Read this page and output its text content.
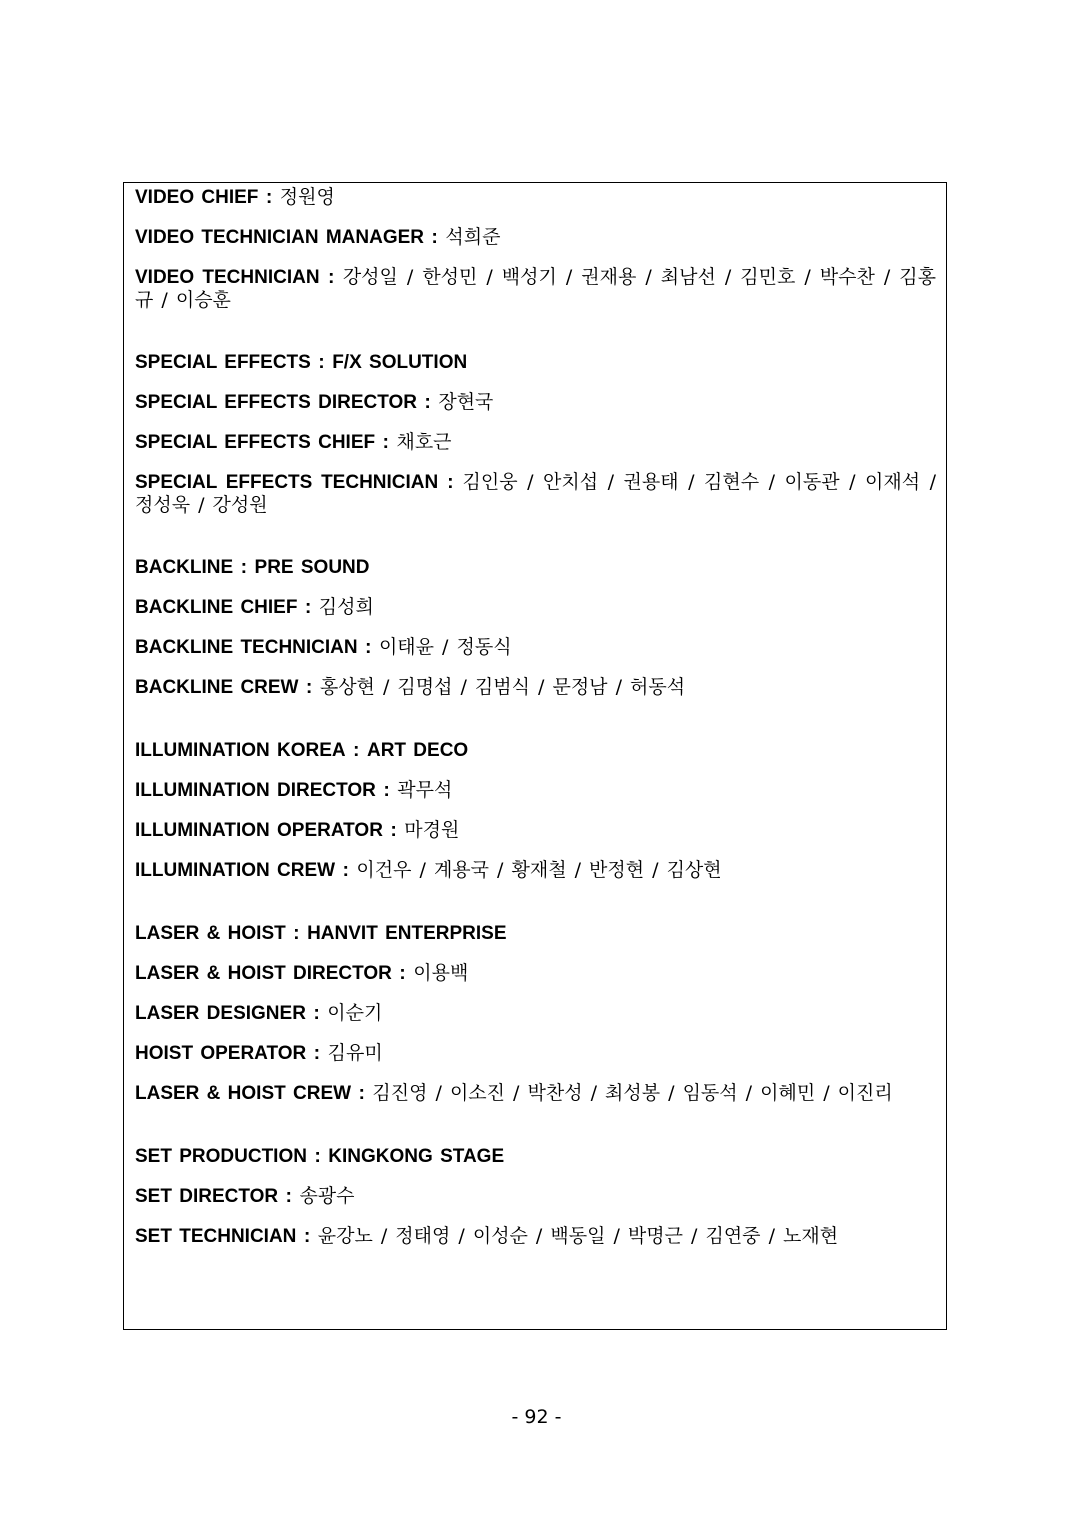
VIDEO CHIEF : 정원영

VIDEO TECHNICIAN MANAGER : 석희준

VIDEO TECHNICIAN : 강성일 / 한성민 / 백성기 / 권재용 / 최남선 / 김민호 / 박수찬 / 김홍규 / 이승훈

SPECIAL EFFECTS : F/X SOLUTION

SPECIAL EFFECTS DIRECTOR : 장현국

SPECIAL EFFECTS CHIEF : 채호근

SPECIAL EFFECTS TECHNICIAN : 김인웅 / 안치섭 / 권용태 / 김현수 / 이동관 / 이재석 / 정성욱 / 강성원

BACKLINE : PRE SOUND

BACKLINE CHIEF : 김성희

BACKLINE TECHNICIAN : 이태윤 / 정동식

BACKLINE CREW : 홍상현 / 김명섭 / 김범식 / 문정남 / 허동석

ILLUMINATION KOREA : ART DECO

ILLUMINATION DIRECTOR : 곽무석

ILLUMINATION OPERATOR : 마경원

ILLUMINATION CREW : 이건우 / 계용국 / 황재철 / 반정현 / 김상현

LASER & HOIST : HANVIT ENTERPRISE

LASER & HOIST DIRECTOR : 이용백

LASER DESIGNER : 이순기

HOIST OPERATOR : 김유미

LASER & HOIST CREW : 김진영 / 이소진 / 박찬성 / 최성봉 / 임동석 / 이혜민 / 이진리

SET PRODUCTION : KINGKONG STAGE

SET DIRECTOR : 송광수

SET TECHNICIAN : 윤강노 / 정태영 / 이성순 / 백동일 / 박명근 / 김연중 / 노재현

- 92 -
